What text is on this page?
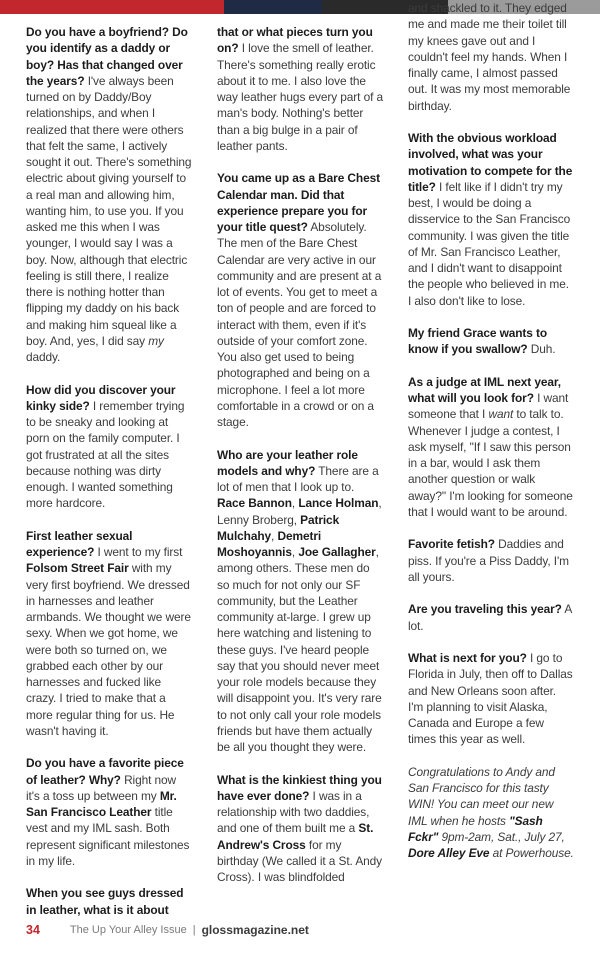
Do you have a boyfriend? Do you identify as a daddy or boy? Has that changed over the years? I've always been turned on by Daddy/Boy relationships, and when I realized that there were others that felt the same, I actively sought it out. There's something electric about giving yourself to a real man and allowing him, wanting him, to use you. If you asked me this when I was younger, I would say I was a boy. Now, although that electric feeling is still there, I realize there is nothing hotter than flipping my daddy on his back and making him squeal like a boy. And, yes, I did say my daddy.

How did you discover your kinky side? I remember trying to be sneaky and looking at porn on the family computer. I got frustrated at all the sites because nothing was dirty enough. I wanted something more hardcore.

First leather sexual experience? I went to my first Folsom Street Fair with my very first boyfriend. We dressed in harnesses and leather armbands. We thought we were sexy. When we got home, we were both so turned on, we grabbed each other by our harnesses and fucked like crazy. I tried to make that a more regular thing for us. He wasn't having it.

Do you have a favorite piece of leather? Why? Right now it's a toss up between my Mr. San Francisco Leather title vest and my IML sash. Both represent significant milestones in my life.

When you see guys dressed in leather, what is it about

that or what pieces turn you on? I love the smell of leather. There's something really erotic about it to me. I also love the way leather hugs every part of a man's body. Nothing's better than a big bulge in a pair of leather pants.

You came up as a Bare Chest Calendar man. Did that experience prepare you for your title quest? Absolutely. The men of the Bare Chest Calendar are very active in our community and are present at a lot of events. You get to meet a ton of people and are forced to interact with them, even if it's outside of your comfort zone. You also get used to being photographed and being on a microphone. I feel a lot more comfortable in a crowd or on a stage.

Who are your leather role models and why? There are a lot of men that I look up to. Race Bannon, Lance Holman, Lenny Broberg, Patrick Mulchahy, Demetri Moshoyannis, Joe Gallagher, among others. These men do so much for not only our SF community, but the Leather community at-large. I grew up here watching and listening to these guys. I've heard people say that you should never meet your role models because they will disappoint you. It's very rare to not only call your role models friends but have them actually be all you thought they were.

What is the kinkiest thing you have ever done? I was in a relationship with two daddies, and one of them built me a St. Andrew's Cross for my birthday (We called it a St. Andy Cross). I was blindfolded

and shackled to it. They edged me and made me their toilet till my knees gave out and I couldn't feel my hands. When I finally came, I almost passed out. It was my most memorable birthday.

With the obvious workload involved, what was your motivation to compete for the title? I felt like if I didn't try my best, I would be doing a disservice to the San Francisco community. I was given the title of Mr. San Francisco Leather, and I didn't want to disappoint the people who believed in me. I also don't like to lose.

My friend Grace wants to know if you swallow? Duh.

As a judge at IML next year, what will you look for? I want someone that I want to talk to. Whenever I judge a contest, I ask myself, "If I saw this person in a bar, would I ask them another question or walk away?" I'm looking for someone that I would want to be around.

Favorite fetish? Daddies and piss. If you're a Piss Daddy, I'm all yours.

Are you traveling this year? A lot.

What is next for you? I go to Florida in July, then off to Dallas and New Orleans soon after. I'm planning to visit Alaska, Canada and Europe a few times this year as well.

Congratulations to Andy and San Francisco for this tasty WIN! You can meet our new IML when he hosts "Sash Fckr" 9pm-2am, Sat., July 27, Dore Alley Eve at Powerhouse.

34	The Up Your Alley Issue | glossmagazine.net
